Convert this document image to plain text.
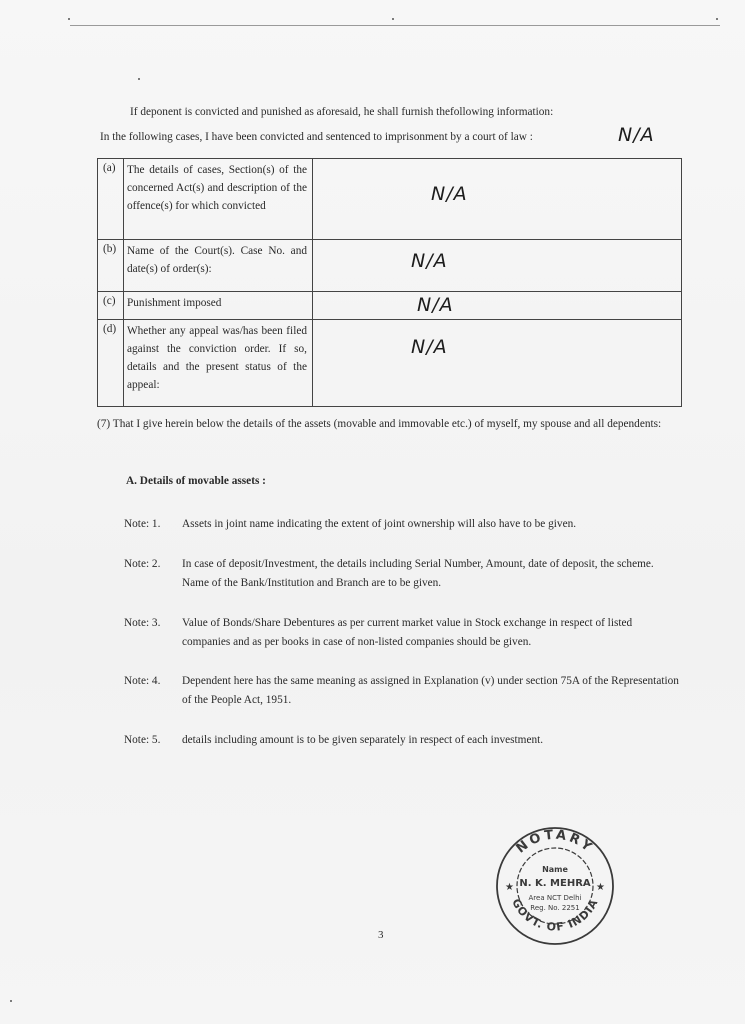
If deponent is convicted and punished as aforesaid, he shall furnish thefollowing information:
In the following cases, I have been convicted and sentenced to imprisonment by a court of law :	N/A
(a)	The details of cases, Section(s) of the concerned Act(s) and description of the offence(s) for which convicted	N/A

(b)	Name of the Court(s). Case No. and date(s) of order(s):	N/A

(c)	Punishment imposed	N/A

(d)	Whether any appeal was/has been filed against the conviction order. If so, details and the present status of the appeal:	N/A
(7) That I give herein below the details of the assets (movable and immovable etc.) of myself, my spouse and all dependents:
A. Details of movable assets :
Note: 1.	Assets in joint name indicating the extent of joint ownership will also have to be given.
Note: 2.	In case of deposit/Investment, the details including Serial Number, Amount, date of deposit, the scheme. Name of the Bank/Institution and Branch are to be given.
Note: 3.	Value of Bonds/Share Debentures as per current market value in Stock exchange in respect of listed companies and as per books in case of non-listed companies should be given.
Note: 4.	Dependent here has the same meaning as assigned in Explanation (v) under section 75A of the Representation of the People Act, 1951.
Note: 5.	details including amount is to be given separately in respect of each investment.
3
NOTARY
GOVT. OF INDIA
Name
N. K. MEHRA
Area NCT Delhi
Reg. No. 2251
★	★
